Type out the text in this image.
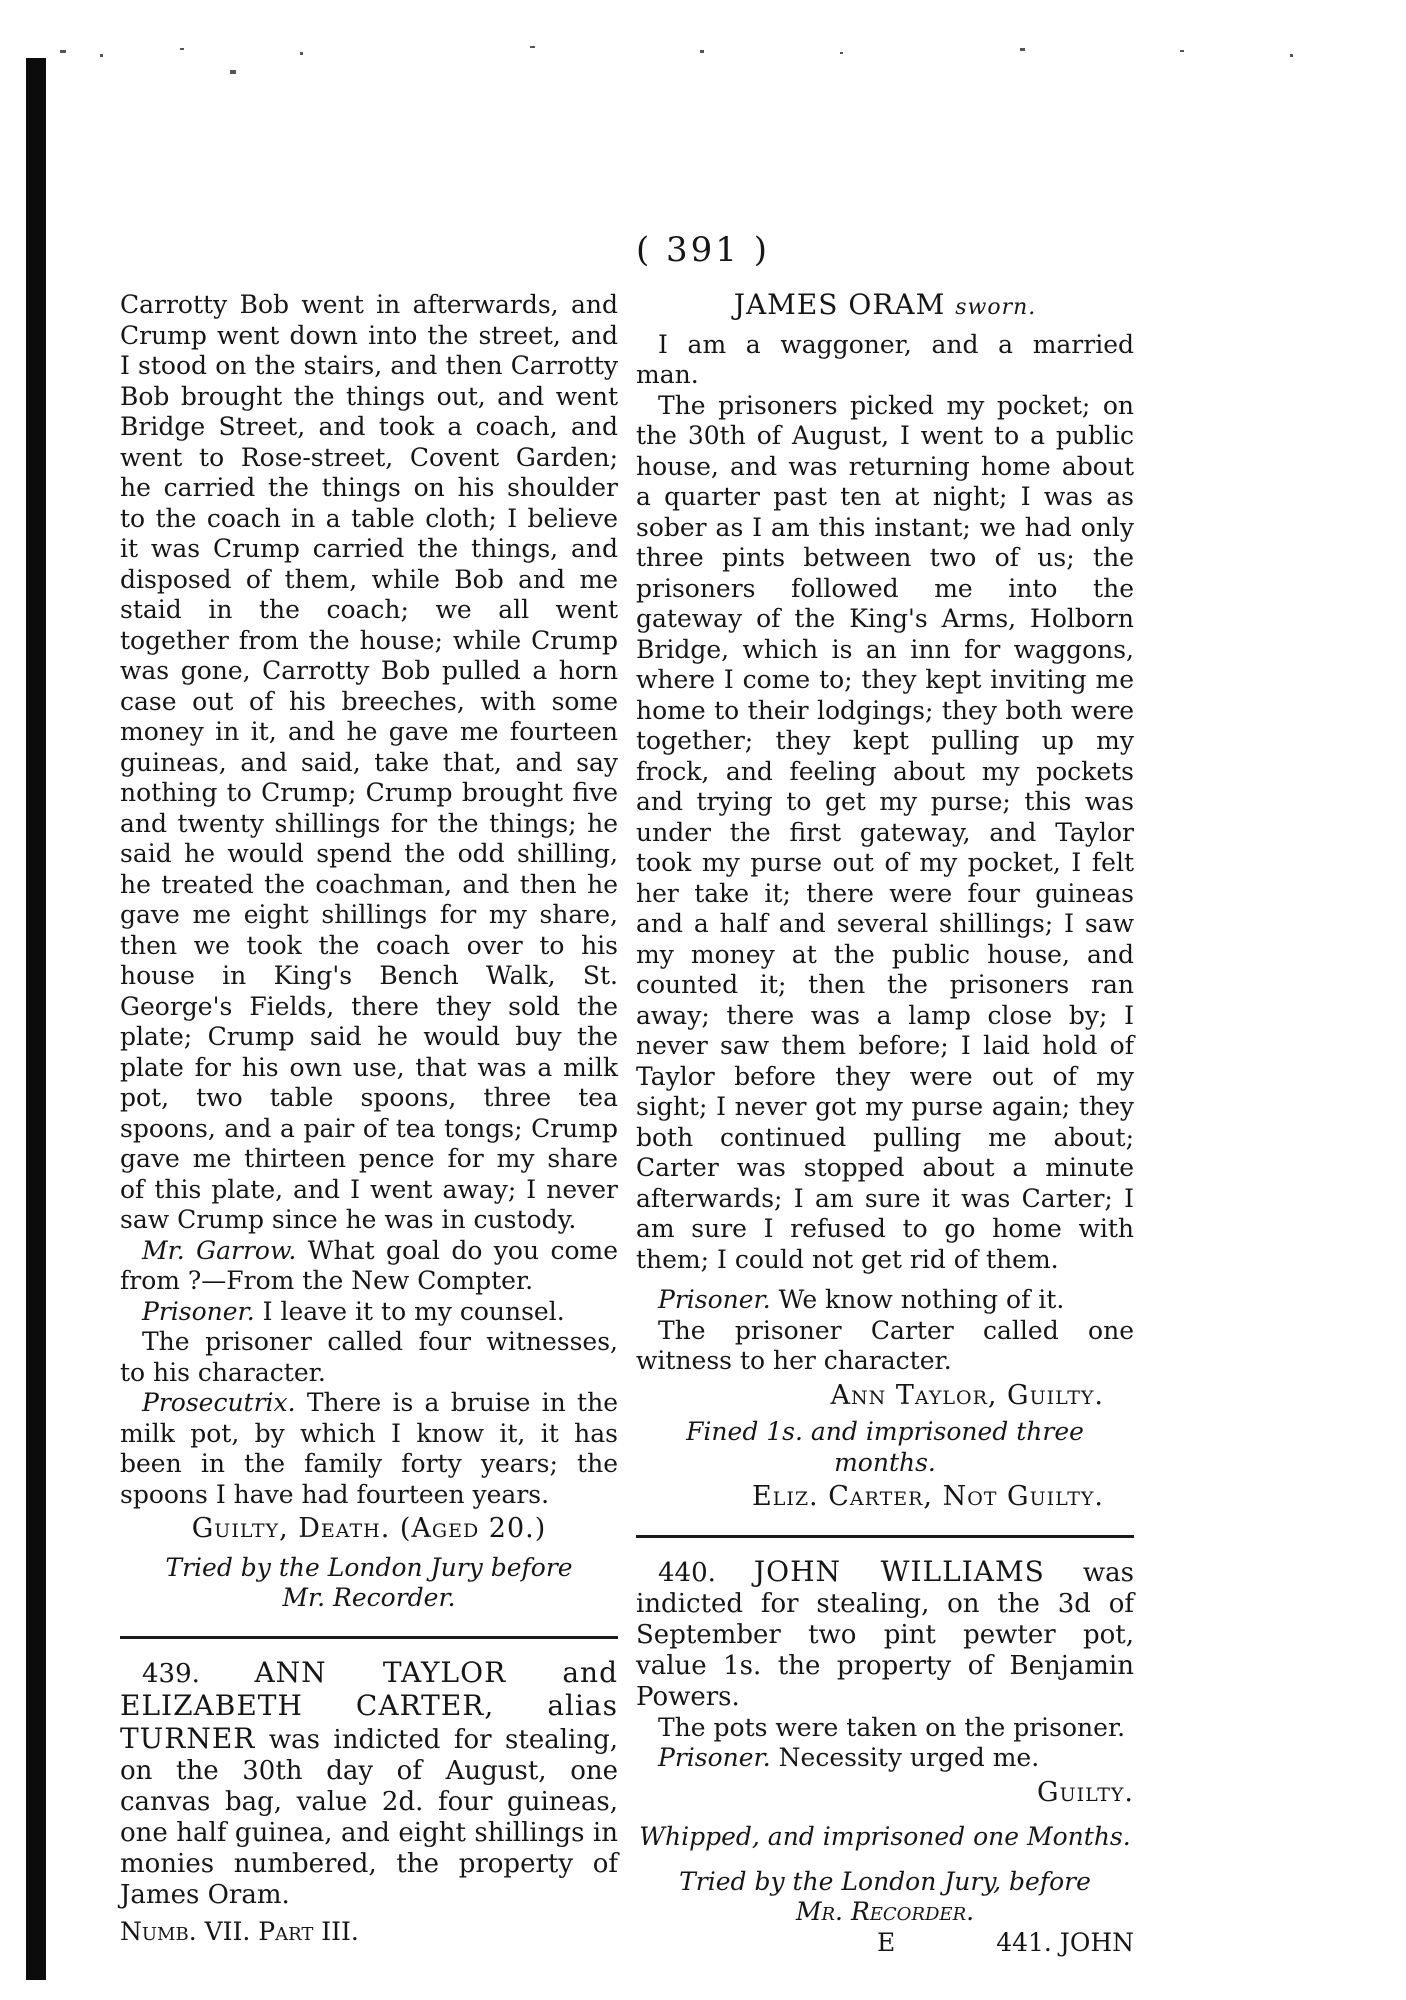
( 391 )

Carrotty Bob went in afterwards, and Crump went down into the street, and I stood on the stairs, and then Carrotty Bob brought the things out, and went Bridge Street, and took a coach, and went to Rose-street, Covent Garden; he carried the things on his shoulder to the coach in a table cloth; I believe it was Crump carried the things, and disposed of them, while Bob and me staid in the coach; we all went together from the house; while Crump was gone, Carrotty Bob pulled a horn case out of his breeches, with some money in it, and he gave me fourteen guineas, and said, take that, and say nothing to Crump; Crump brought five and twenty shillings for the things; he said he would spend the odd shilling, he treated the coachman, and then he gave me eight shillings for my share, then we took the coach over to his house in King's Bench Walk, St. George's Fields, there they sold the plate; Crump said he would buy the plate for his own use, that was a milk pot, two table spoons, three tea spoons, and a pair of tea tongs; Crump gave me thirteen pence for my share of this plate, and I went away; I never saw Crump since he was in custody.

Mr. Garrow. What goal do you come from ?—From the New Compter.

Prisoner. I leave it to my counsel.

The prisoner called four witnesses, to his character.

Prosecutrix. There is a bruise in the milk pot, by which I know it, it has been in the family forty years; the spoons I have had fourteen years.

Guilty, Death. (Aged 20.)

Tried by the London Jury before

Mr. Recorder.

439. ANN TAYLOR and ELIZABETH CARTER, alias TURNER was indicted for stealing, on the 30th day of August, one canvas bag, value 2d. four guineas, one half guinea, and eight shillings in monies numbered, the property of James Oram.

Numb. VII. Part III.

JAMES ORAM sworn.

I am a waggoner, and a married man.

The prisoners picked my pocket; on the 30th of August, I went to a public house, and was returning home about a quarter past ten at night; I was as sober as I am this instant; we had only three pints between two of us; the prisoners followed me into the gateway of the King's Arms, Holborn Bridge, which is an inn for waggons, where I come to; they kept inviting me home to their lodgings; they both were together; they kept pulling up my frock, and feeling about my pockets and trying to get my purse; this was under the first gateway, and Taylor took my purse out of my pocket, I felt her take it; there were four guineas and a half and several shillings; I saw my money at the public house, and counted it; then the prisoners ran away; there was a lamp close by; I never saw them before; I laid hold of Taylor before they were out of my sight; I never got my purse again; they both continued pulling me about; Carter was stopped about a minute afterwards; I am sure it was Carter; I am sure I refused to go home with them; I could not get rid of them.

Prisoner. We know nothing of it.

The prisoner Carter called one witness to her character.

Ann Taylor, Guilty.

Fined 1s. and imprisoned three months.

Eliz. Carter, Not Guilty.

440. JOHN WILLIAMS was indicted for stealing, on the 3d of September two pint pewter pot, value 1s. the property of Benjamin Powers.

The pots were taken on the prisoner.

Prisoner. Necessity urged me.

Guilty.

Whipped, and imprisoned one Months.

Tried by the London Jury, before

Mr. Recorder.

E	441. JOHN
